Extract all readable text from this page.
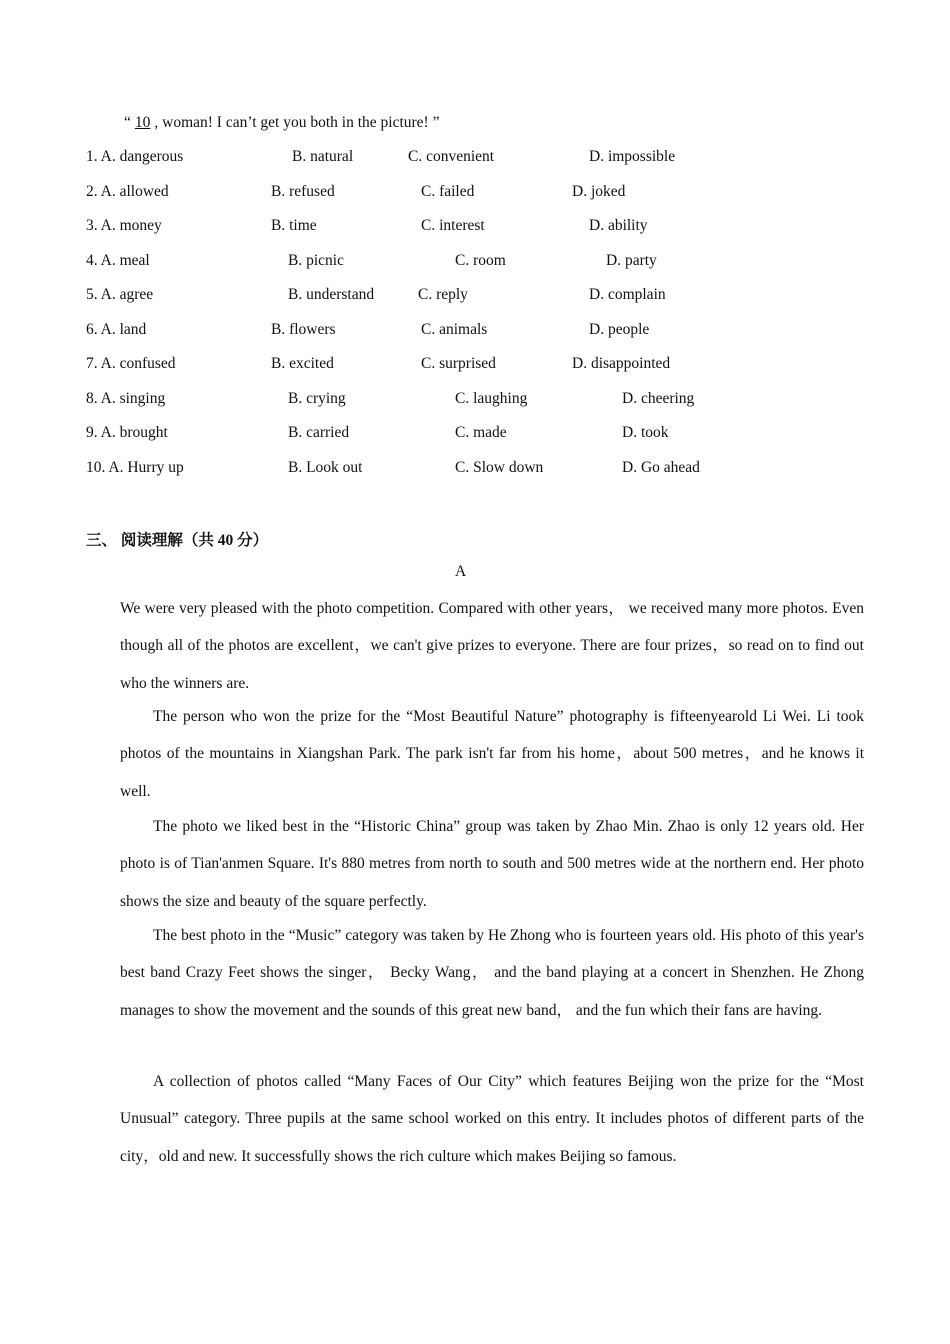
“ 10 , woman! I can’t get you both in the picture! ”
1. A. dangerous	B. natural	C. convenient	D. impossible
2. A. allowed	B. refused	C. failed	D. joked
3. A. money	B. time	C. interest	D. ability
4. A. meal	B. picnic	C. room	D. party
5. A. agree	B. understand	C. reply	D. complain
6. A. land	B. flowers	C. animals	D. people
7. A. confused	B. excited	C. surprised	D. disappointed
8. A. singing	B. crying	C. laughing	D. cheering
9. A. brought	B. carried	C. made	D. took
10. A. Hurry up	B. Look out	C. Slow down	D. Go ahead
三、 阅读理解（共 40 分）
A

We were very pleased with the photo competition. Compared with other years， we received many more photos. Even though all of the photos are excellent，we can't give prizes to everyone. There are four prizes，so read on to find out who the winners are.

The person who won the prize for the “Most Beautiful Nature” photography is fifteenyearold Li Wei. Li took photos of the mountains in Xiangshan Park. The park isn't far from his home，about 500 metres，and he knows it well.

The photo we liked best in the “Historic China” group was taken by Zhao Min. Zhao is only 12 years old. Her photo is of Tian'anmen Square. It's 880 metres from north to south and 500 metres wide at the northern end. Her photo shows the size and beauty of the square perfectly.

The best photo in the “Music” category was taken by He Zhong who is fourteen years old. His photo of this year's best band Crazy Feet shows the singer， Becky Wang， and the band playing at a concert in Shenzhen. He Zhong manages to show the movement and the sounds of this great new band， and the fun which their fans are having.

A collection of photos called “Many Faces of Our City” which features Beijing won the prize for the “Most Unusual” category. Three pupils at the same school worked on this entry. It includes photos of different parts of the city，old and new. It successfully shows the rich culture which makes Beijing so famous.
